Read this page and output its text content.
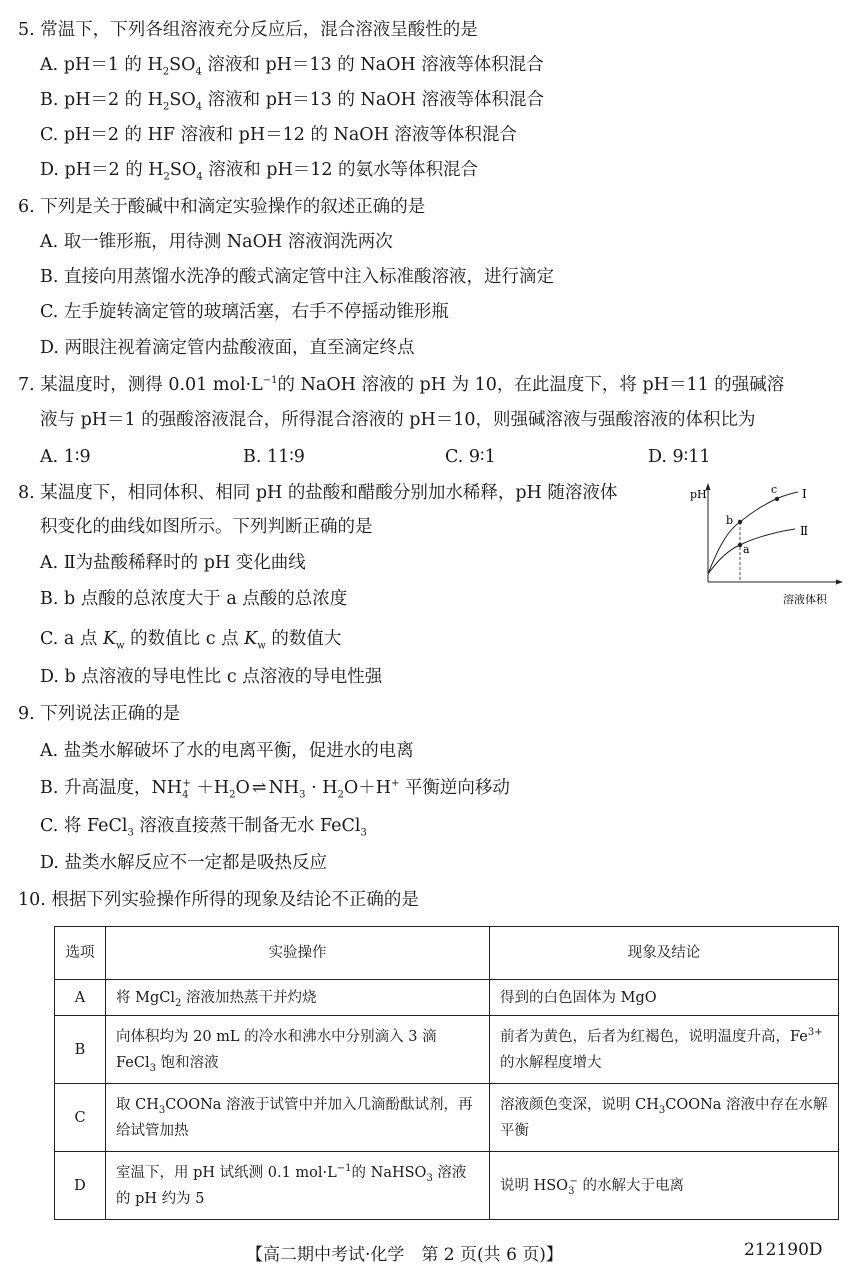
5. 常温下，下列各组溶液充分反应后，混合溶液呈酸性的是
A. pH＝1 的 $H_2SO_4$ 溶液和 pH＝13 的 NaOH 溶液等体积混合
B. pH＝2 的 $H_2SO_4$ 溶液和 pH＝13 的 NaOH 溶液等体积混合
C. pH＝2 的 HF 溶液和 pH＝12 的 NaOH 溶液等体积混合
D. pH＝2 的 $H_2SO_4$ 溶液和 pH＝12 的氨水等体积混合
6. 下列是关于酸碱中和滴定实验操作的叙述正确的是
A. 取一锥形瓶，用待测 NaOH 溶液润洗两次
B. 直接向用蒸馏水洗净的酸式滴定管中注入标准酸溶液，进行滴定
C. 左手旋转滴定管的玻璃活塞，右手不停摇动锥形瓶
D. 两眼注视着滴定管内盐酸液面，直至滴定终点
7. 某温度时，测得 0.01 $mol\cdot L^{-1}$的 NaOH 溶液的 pH 为 10，在此温度下，将 pH＝11 的强碱溶
液与 pH＝1 的强酸溶液混合，所得混合溶液的 pH＝10，则强碱溶液与强酸溶液的体积比为
A. 1∶9	B. 11∶9	C. 9∶1	D. 9∶11
8. 某温度下，相同体积、相同 pH 的盐酸和醋酸分别加水稀释，pH 随溶液体
积变化的曲线如图所示。下列判断正确的是
A. Ⅱ为盐酸稀释时的 pH 变化曲线
B. b 点酸的总浓度大于 a 点酸的总浓度
C. a 点 $K_w$ 的数值比 c 点 $K_w$ 的数值大
D. b 点溶液的导电性比 c 点溶液的导电性强
pH
溶液体积
Ⅰ
Ⅱ
b
a
c
9. 下列说法正确的是
A. 盐类水解破坏了水的电离平衡，促进水的电离
B. 升高温度，$NH_4^+ +H_2O$ ⇌ $NH_3 \cdot H_2O+H^+$ 平衡逆向移动
C. 将 FeCl$_3$ 溶液直接蒸干制备无水 FeCl$_3$
D. 盐类水解反应不一定都是吸热反应
10. 根据下列实验操作所得的现象及结论不正确的是
选项	实验操作	现象及结论
A	将 MgCl$_2$ 溶液加热蒸干并灼烧	得到的白色固体为 MgO
B	向体积均为 20 mL 的冷水和沸水中分别滴入 3 滴 FeCl$_3$ 饱和溶液	前者为黄色，后者为红褐色，说明温度升高，$Fe^{3+}$ 的水解程度增大
C	取 $CH_3COONa$ 溶液于试管中并加入几滴酚酞试剂，再给试管加热	溶液颜色变深，说明 $CH_3COONa$ 溶液中存在水解平衡
D	室温下，用 pH 试纸测 0.1 $mol\cdot L^{-1}$的 NaHSO$_3$ 溶液的 pH 约为 5	说明 $HSO_3^-$ 的水解大于电离
【高二期中考试·化学　第 2 页(共 6 页)】	212190D
